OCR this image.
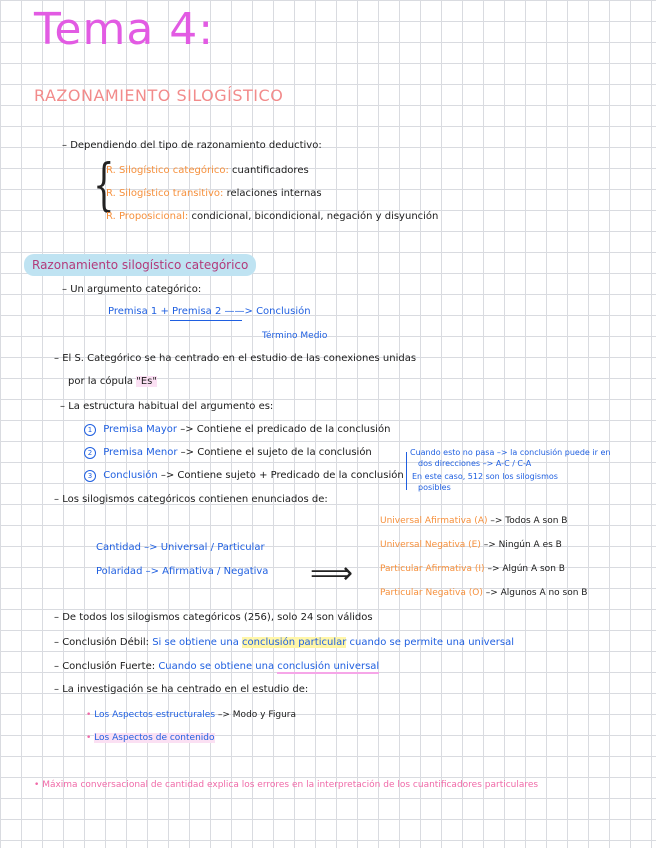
Tema 4:
RAZONAMIENTO SILOGÍSTICO
– Dependiendo del tipo de razonamiento deductivo:
{
R. Silogístico categórico: cuantificadores
R. Silogístico transitivo: relaciones internas
R. Proposicional: condicional, bicondicional, negación y disyunción
Razonamiento silogístico categórico
– Un argumento categórico:
Premisa 1 + Premisa 2 ——> Conclusión
Término Medio
– El S. Categórico se ha centrado en el estudio de las conexiones unidas
por la cópula "Es"
– La estructura habitual del argumento es:
1 Premisa Mayor –> Contiene el predicado de la conclusión
2 Premisa Menor –> Contiene el sujeto de la conclusión
3 Conclusión –> Contiene sujeto + Predicado de la conclusión
Cuando esto no pasa –> la conclusión puede ir en
dos direcciones –> A-C / C-A
En este caso, 512 son los silogismos
posibles
– Los silogismos categóricos contienen enunciados de:
Cantidad –> Universal / Particular
Polaridad –> Afirmativa / Negativa ⟹
Universal Afirmativa (A) –> Todos A son B
Universal Negativa (E) –> Ningún A es B
Particular Afirmativa (I) –> Algún A son B
Particular Negativa (O) –> Algunos A no son B
– De todos los silogismos categóricos (256), solo 24 son válidos
– Conclusión Débil: Si se obtiene una conclusión particular cuando se permite una universal
– Conclusión Fuerte: Cuando se obtiene una conclusión universal
– La investigación se ha centrado en el estudio de:
• Los Aspectos estructurales –> Modo y Figura
• Los Aspectos de contenido
• Máxima conversacional de cantidad explica los errores en la interpretación de los cuantificadores particulares
